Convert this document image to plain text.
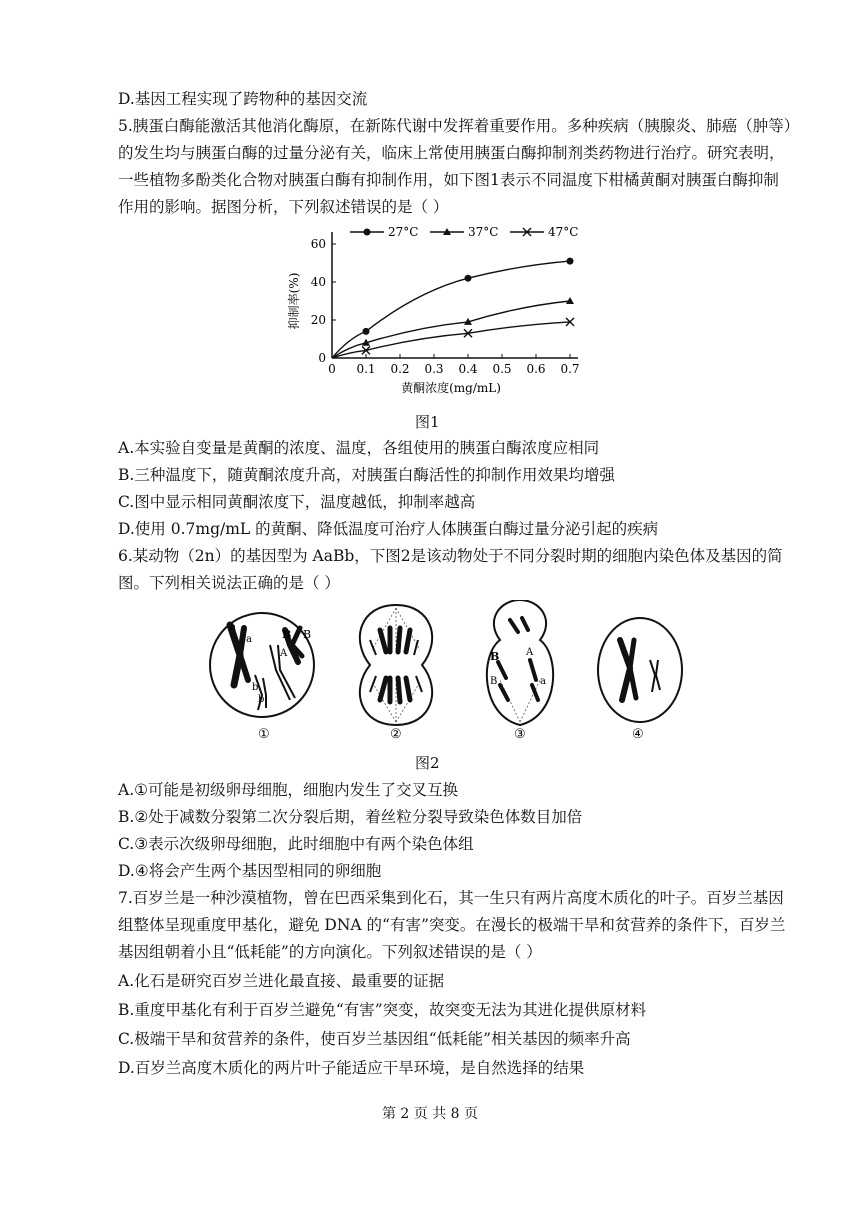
D.基因工程实现了跨物种的基因交流
5.胰蛋白酶能激活其他消化酶原，在新陈代谢中发挥着重要作用。多种疾病（胰腺炎、肺癌（肿等）
的发生均与胰蛋白酶的过量分泌有关，临床上常使用胰蛋白酶抑制剂类药物进行治疗。研究表明，
一些植物多酚类化合物对胰蛋白酶有抑制作用，如下图1表示不同温度下柑橘黄酮对胰蛋白酶抑制
作用的影响。据图分析，下列叙述错误的是（ ）
0 0.1 0.2 0.3 0.4 0.5 0.6 0.7
0
20
40
60
黄酮浓度(mg/mL)
抑制率(%)
27°C	37°C	47°C
图1
A.本实验自变量是黄酮的浓度、温度，各组使用的胰蛋白酶浓度应相同
B.三种温度下，随黄酮浓度升高，对胰蛋白酶活性的抑制作用效果均增强
C.图中显示相同黄酮浓度下，温度越低，抑制率越高
D.使用 0.7mg/mL 的黄酮、降低温度可治疗人体胰蛋白酶过量分泌引起的疾病
6.某动物（2n）的基因型为 AaBb，下图2是该动物处于不同分裂时期的细胞内染色体及基因的简
图。下列相关说法正确的是（ ）
a
a	B B
A
b
b
①	②
B	A
B	a
③	④
图2
A.①可能是初级卵母细胞，细胞内发生了交叉互换
B.②处于减数分裂第二次分裂后期，着丝粒分裂导致染色体数目加倍
C.③表示次级卵母细胞，此时细胞中有两个染色体组
D.④将会产生两个基因型相同的卵细胞
7.百岁兰是一种沙漠植物，曾在巴西采集到化石，其一生只有两片高度木质化的叶子。百岁兰基因
组整体呈现重度甲基化，避免 DNA 的“有害”突变。在漫长的极端干旱和贫营养的条件下，百岁兰
基因组朝着小且“低耗能”的方向演化。下列叙述错误的是（ ）
A.化石是研究百岁兰进化最直接、最重要的证据
B.重度甲基化有利于百岁兰避免“有害”突变，故突变无法为其进化提供原材料
C.极端干旱和贫营养的条件，使百岁兰基因组“低耗能”相关基因的频率升高
D.百岁兰高度木质化的两片叶子能适应干旱环境，是自然选择的结果
第 2 页 共 8 页
